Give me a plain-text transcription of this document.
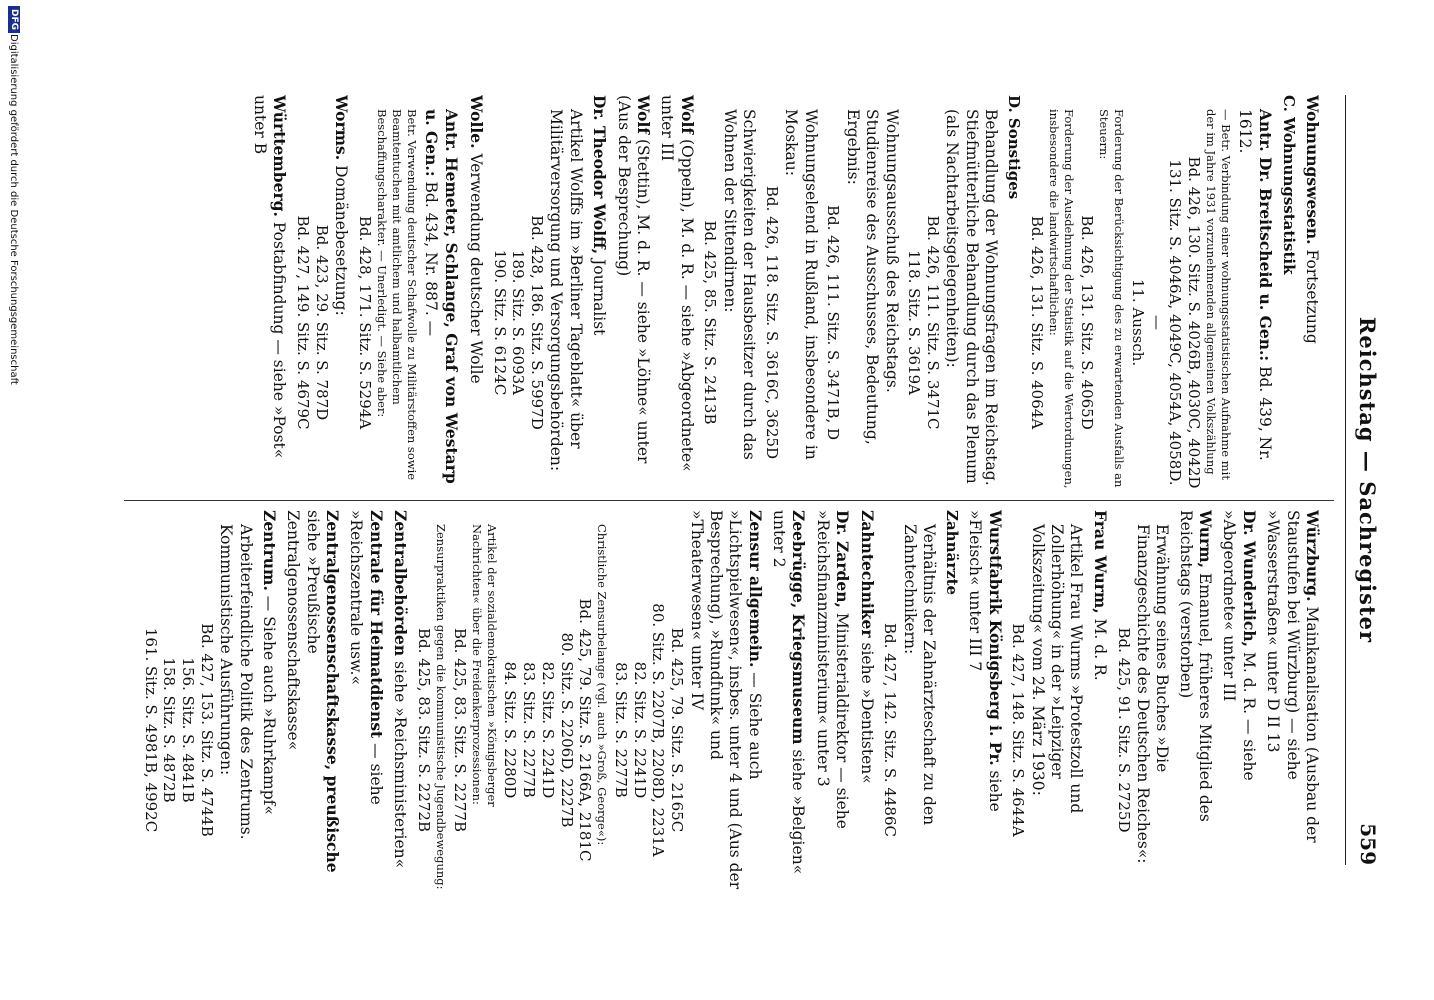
Reichstag — Sachregister
559

Wohnungswesen. Fortsetzung

C. Wohnungsstatistik

Antr. Dr. Breitscheid u. Gen.: Bd. 439, Nr. 1612.

— Betr. Verbindung einer wohnungsstatistischen Aufnahme mit der im Jahre 1931 vorzunehmenden allgemeinen Volkszählung

Bd. 426, 130. Sitz. S. 4026B, 4030C, 4042D

131. Sitz. S. 4046A, 4049C, 4054A, 4058D. —

11. Aussch.

Forderung der Berücksichtigung des zu erwartenden Ausfalls an Steuern:

Bd. 426, 131. Sitz. S. 4065D

Forderung der Ausdehnung der Statistik auf die Wertordnungen, insbesondere die landwirtschaftlichen:

Bd. 426, 131. Sitz. S. 4064A

D. Sonstiges

Behandlung der Wohnungsfragen im Reichstag. Stiefmütterliche Behandlung durch das Plenum (als Nachtarbeitsgelegenheiten):

Bd. 426, 111. Sitz. S. 3471C

118. Sitz. S. 3619A

Wohnungsausschuß des Reichstags. Studienreise des Ausschusses, Bedeutung, Ergebnis:

Bd. 426, 111. Sitz. S. 3471B, D

Wohnungselend in Rußland, insbesondere in Moskau:

Bd. 426, 118. Sitz. S. 3616C, 3625D

Schwierigkeiten der Hausbesitzer durch das Wohnen der Sittendirnen:

Bd. 425, 85. Sitz. S. 2413B

Wolf (Oppeln), M. d. R. — siehe »Abgeordnete« unter III

Wolf (Stettin), M. d. R. — siehe »Löhne« unter (Aus der Besprechung)

Dr. Theodor Wolff, Journalist

Artikel Wolffs im »Berliner Tageblatt« über Militärversorgung und Versorgungsbehörden:

Bd. 428, 186. Sitz. S. 5997D

189. Sitz. S. 6093A

190. Sitz. S. 6124C

Wolle. Verwendung deutscher Wolle

Antr. Hemeter, Schlange, Graf von Westarp u. Gen.: Bd. 434, Nr. 887. —

Betr. Verwendung deutscher Schafwolle zu Militärstoffen sowie Beamtentuchen mit amtlichem und halbamtlichem Beschaffungscharakter. — Unerledigt. — Siehe aber:

Bd. 428, 171. Sitz. S. 5294A

Worms. Domänebesetzung:

Bd. 423, 29. Sitz. S. 787D

Bd. 427, 149. Sitz. S. 4679C

Württemberg. Postabfindung — siehe »Post« unter B

Würzburg. Mainkanalisation (Ausbau der Staustufen bei Würzburg) — siehe »Wasserstraßen« unter D II 13

Dr. Wunderlich, M. d. R. — siehe »Abgeordnete« unter III

Wurm, Emanuel, früheres Mitglied des Reichstags (verstorben)

Erwähnung seines Buches »Die Finanzgeschichte des Deutschen Reiches«:

Bd. 425, 91. Sitz. S. 2725D

Frau Wurm, M. d. R.

Artikel Frau Wurms »Protestzoll und Zollerhöhung« in der »Leipziger Volkszeitung« vom 24. März 1930:

Bd. 427, 148. Sitz. S. 4644A

Wurstfabrik Königsberg i. Pr. siehe »Fleisch« unter III 7

Zahnärzte

Verhältnis der Zahnärzteschaft zu den Zahntechnikern:

Bd. 427, 142. Sitz. S. 4486C

Zahntechniker siehe »Dentisten«

Dr. Zarden, Ministerialdirektor — siehe »Reichsfinanzministerium« unter 3

Zeebrügge, Kriegsmuseum siehe »Belgien« unter 2

Zensur allgemein. — Siehe auch »Lichtspielwesen«, insbes. unter 4 und (Aus der Besprechung), »Rundfunk« und »Theaterwesen« unter IV

Bd. 425, 79. Sitz. S. 2165C

80. Sitz. S. 2207B, 2208D, 2231A

82. Sitz. S. 2241D

83. Sitz. S. 2277B

Christliche Zensurbelange (vgl. auch »Groß, George«):

Bd. 425, 79. Sitz. S. 2166A, 2181C

80. Sitz. S. 2206D, 2227B

82. Sitz. S. 2241D

83. Sitz. S. 2277B

84. Sitz. S. 2280D

Artikel der sozialdemokratischen »Königsberger Nachrichten« über die Freidenkerprozessionen:

Bd. 425, 83. Sitz. S. 2277B

Zensurpraktiken gegen die kommunistische Jugendbewegung:

Bd. 425, 83. Sitz. S. 2272B

Zentralbehörden siehe »Reichsministerien«

Zentrale für Heimatdienst — siehe »Reichszentrale usw.«

Zentralgenossenschaftskasse, preußische siehe »Preußische Zentralgenossenschaftskasse«

Zentrum. — Siehe auch »Ruhrkampf«

Arbeiterfeindliche Politik des Zentrums. Kommunistische Ausführungen:

Bd. 427, 153. Sitz. S. 4744B

156. Sitz. S. 4841B

158. Sitz. S. 4872B

161. Sitz. S. 4981B, 4992C

DFG
Digitalisierung gefördert durch die Deutsche Forschungsgemeinschaft
